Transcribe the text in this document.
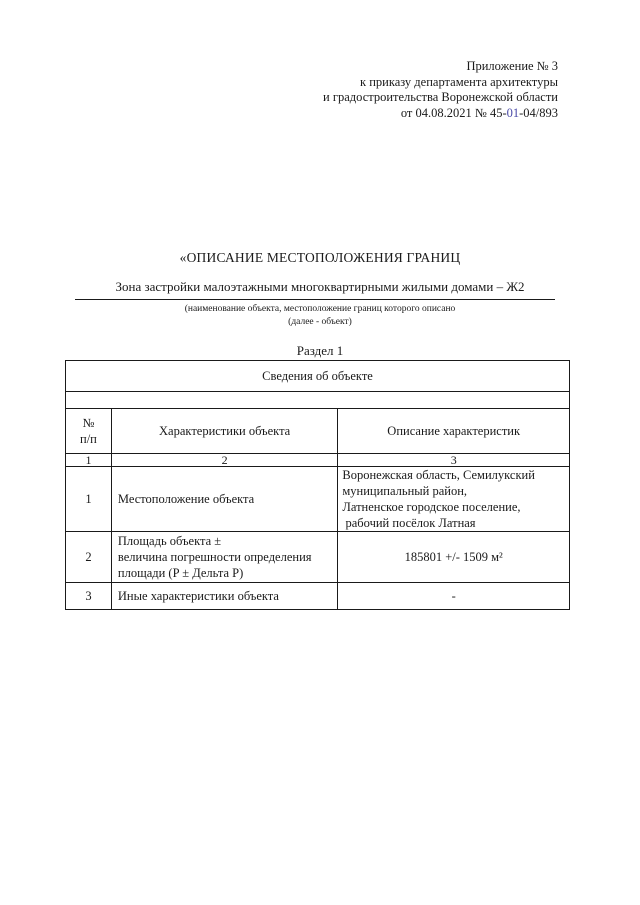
Приложение № 3
к приказу департамента архитектуры
и градостроительства Воронежской области
от 04.08.2021 № 45-01-04/893
«ОПИСАНИЕ МЕСТОПОЛОЖЕНИЯ ГРАНИЦ
Зона застройки малоэтажными многоквартирными жилыми домами – Ж2
(наименование объекта, местоположение границ которого описано
(далее - объект)
Раздел 1
Сведения об объекте		

№
п/п	Характеристики объекта	Описание характеристик
1	2	3
1	Местоположение объекта	Воронежская область, Семилукский
муниципальный район,
Латненское городское поселение,
рабочий посёлок Латная

2	Площадь объекта ±
величина погрешности определения
площади (P ± Дельта P)	185801 +/- 1509 м²
3	Иные характеристики объекта	-
